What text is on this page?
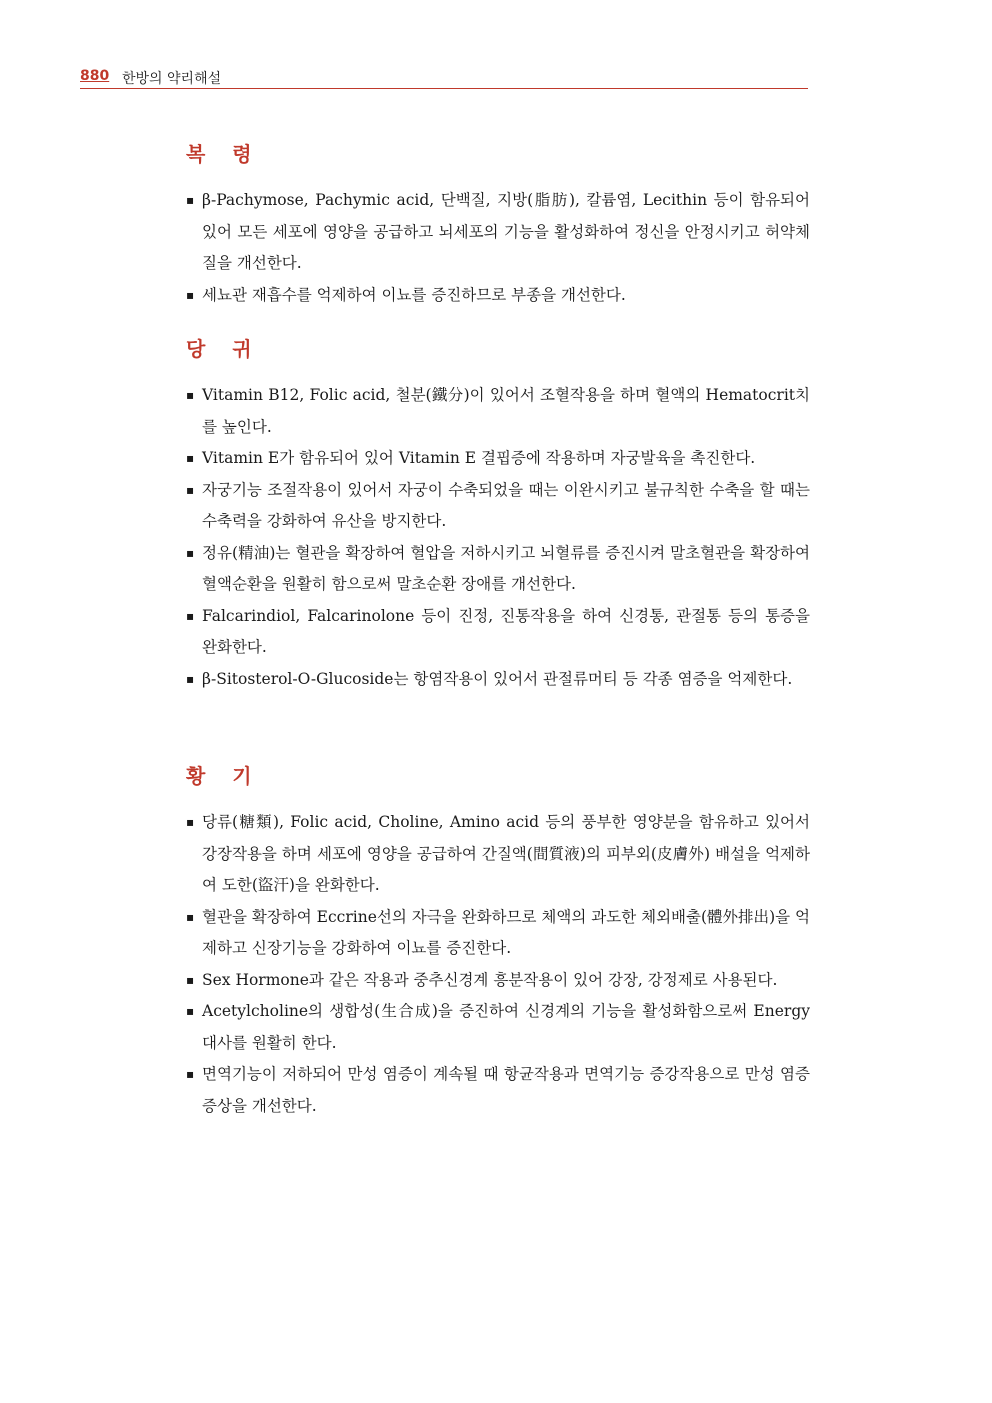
880 한방의 약리해설
복 령
▪ β-Pachymose, Pachymic acid, 단백질, 지방(脂肪), 칼륨염, Lecithin 등이 함유되어 있어 모든 세포에 영양을 공급하고 뇌세포의 기능을 활성화하여 정신을 안정시키고 허약체질을 개선한다.
▪ 세뇨관 재흡수를 억제하여 이뇨를 증진하므로 부종을 개선한다.
당 귀
▪ Vitamin B12, Folic acid, 철분(鐵分)이 있어서 조혈작용을 하며 혈액의 Hematocrit치를 높인다.
▪ Vitamin E가 함유되어 있어 Vitamin E 결핍증에 작용하며 자궁발육을 촉진한다.
▪ 자궁기능 조절작용이 있어서 자궁이 수축되었을 때는 이완시키고 불규칙한 수축을 할 때는 수축력을 강화하여 유산을 방지한다.
▪ 정유(精油)는 혈관을 확장하여 혈압을 저하시키고 뇌혈류를 증진시켜 말초혈관을 확장하여 혈액순환을 원활히 함으로써 말초순환 장애를 개선한다.
▪ Falcarindiol, Falcarinolone 등이 진정, 진통작용을 하여 신경통, 관절통 등의 통증을 완화한다.
▪ β-Sitosterol-O-Glucoside는 항염작용이 있어서 관절류머티 등 각종 염증을 억제한다.
황 기
▪ 당류(糖類), Folic acid, Choline, Amino acid 등의 풍부한 영양분을 함유하고 있어서 강장작용을 하며 세포에 영양을 공급하여 간질액(間質液)의 피부외(皮膚外) 배설을 억제하여 도한(盜汗)을 완화한다.
▪ 혈관을 확장하여 Eccrine선의 자극을 완화하므로 체액의 과도한 체외배출(體外排出)을 억제하고 신장기능을 강화하여 이뇨를 증진한다.
▪ Sex Hormone과 같은 작용과 중추신경계 흥분작용이 있어 강장, 강정제로 사용된다.
▪ Acetylcholine의 생합성(生合成)을 증진하여 신경계의 기능을 활성화함으로써 Energy 대사를 원활히 한다.
▪ 면역기능이 저하되어 만성 염증이 계속될 때 항균작용과 면역기능 증강작용으로 만성 염증 증상을 개선한다.
